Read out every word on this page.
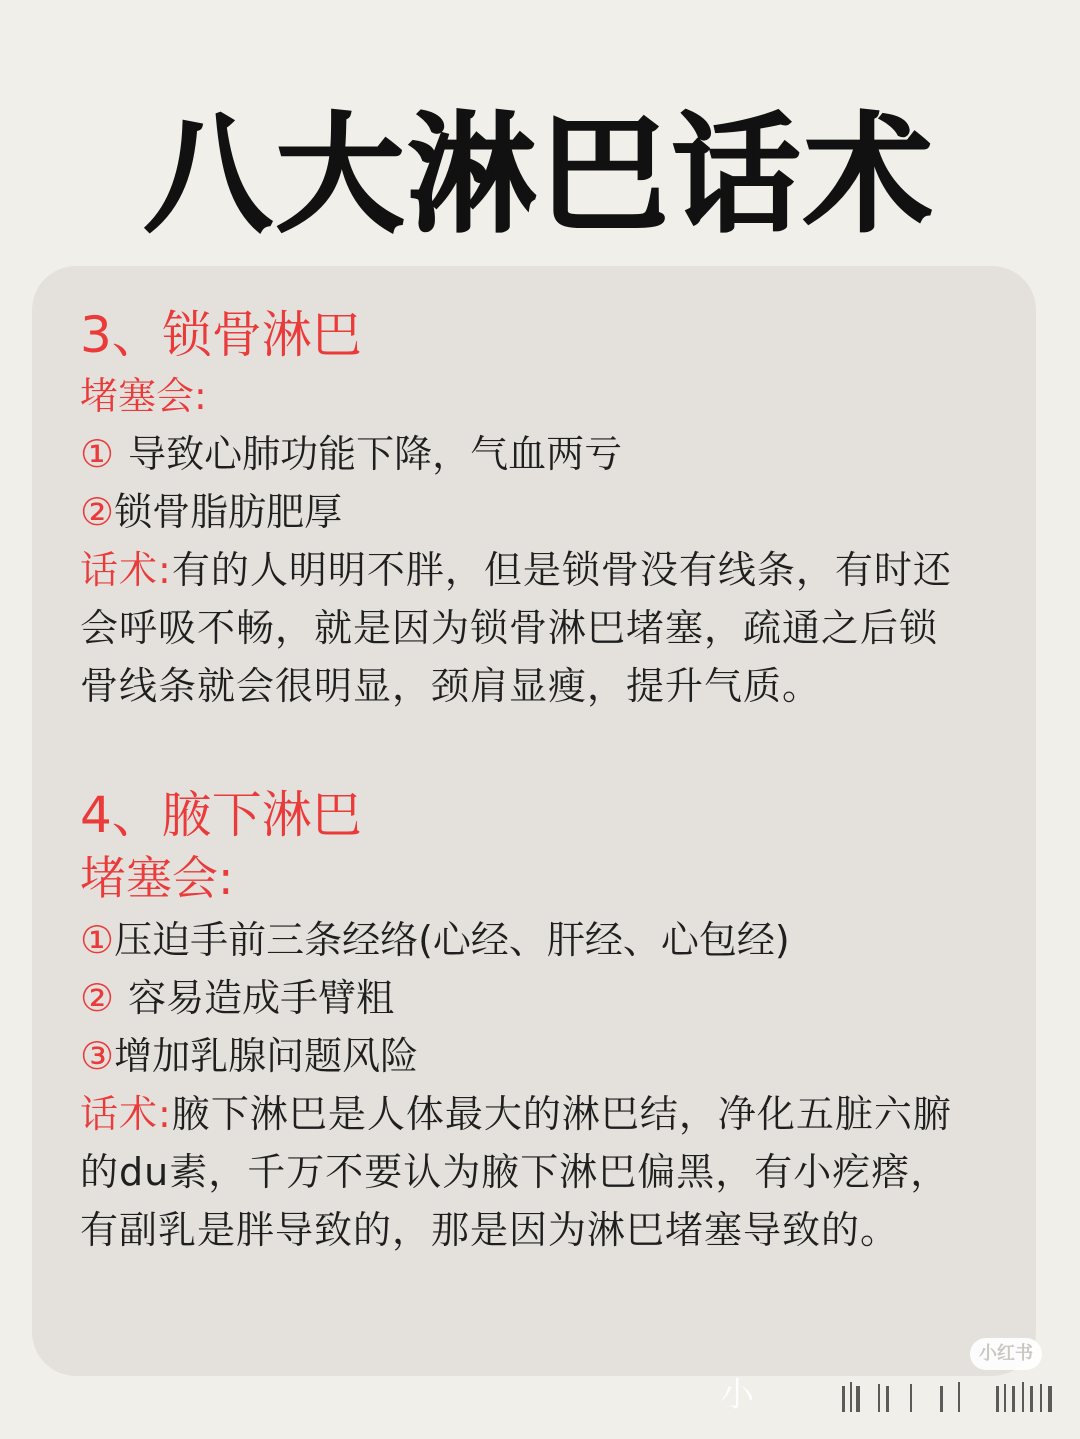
八大淋巴话术
3、锁骨淋巴
堵塞会:
① 导致心肺功能下降，气血两亏
②锁骨脂肪肥厚
话术:有的人明明不胖，但是锁骨没有线条，有时还
会呼吸不畅，就是因为锁骨淋巴堵塞，疏通之后锁
骨线条就会很明显，颈肩显瘦，提升气质。
4、腋下淋巴
堵塞会:
①压迫手前三条经络(心经、肝经、心包经)
② 容易造成手臂粗
③增加乳腺问题风险
话术:腋下淋巴是人体最大的淋巴结，净化五脏六腑
的du素，千万不要认为腋下淋巴偏黑，有小疙瘩，
有副乳是胖导致的，那是因为淋巴堵塞导致的。
小红书
小
